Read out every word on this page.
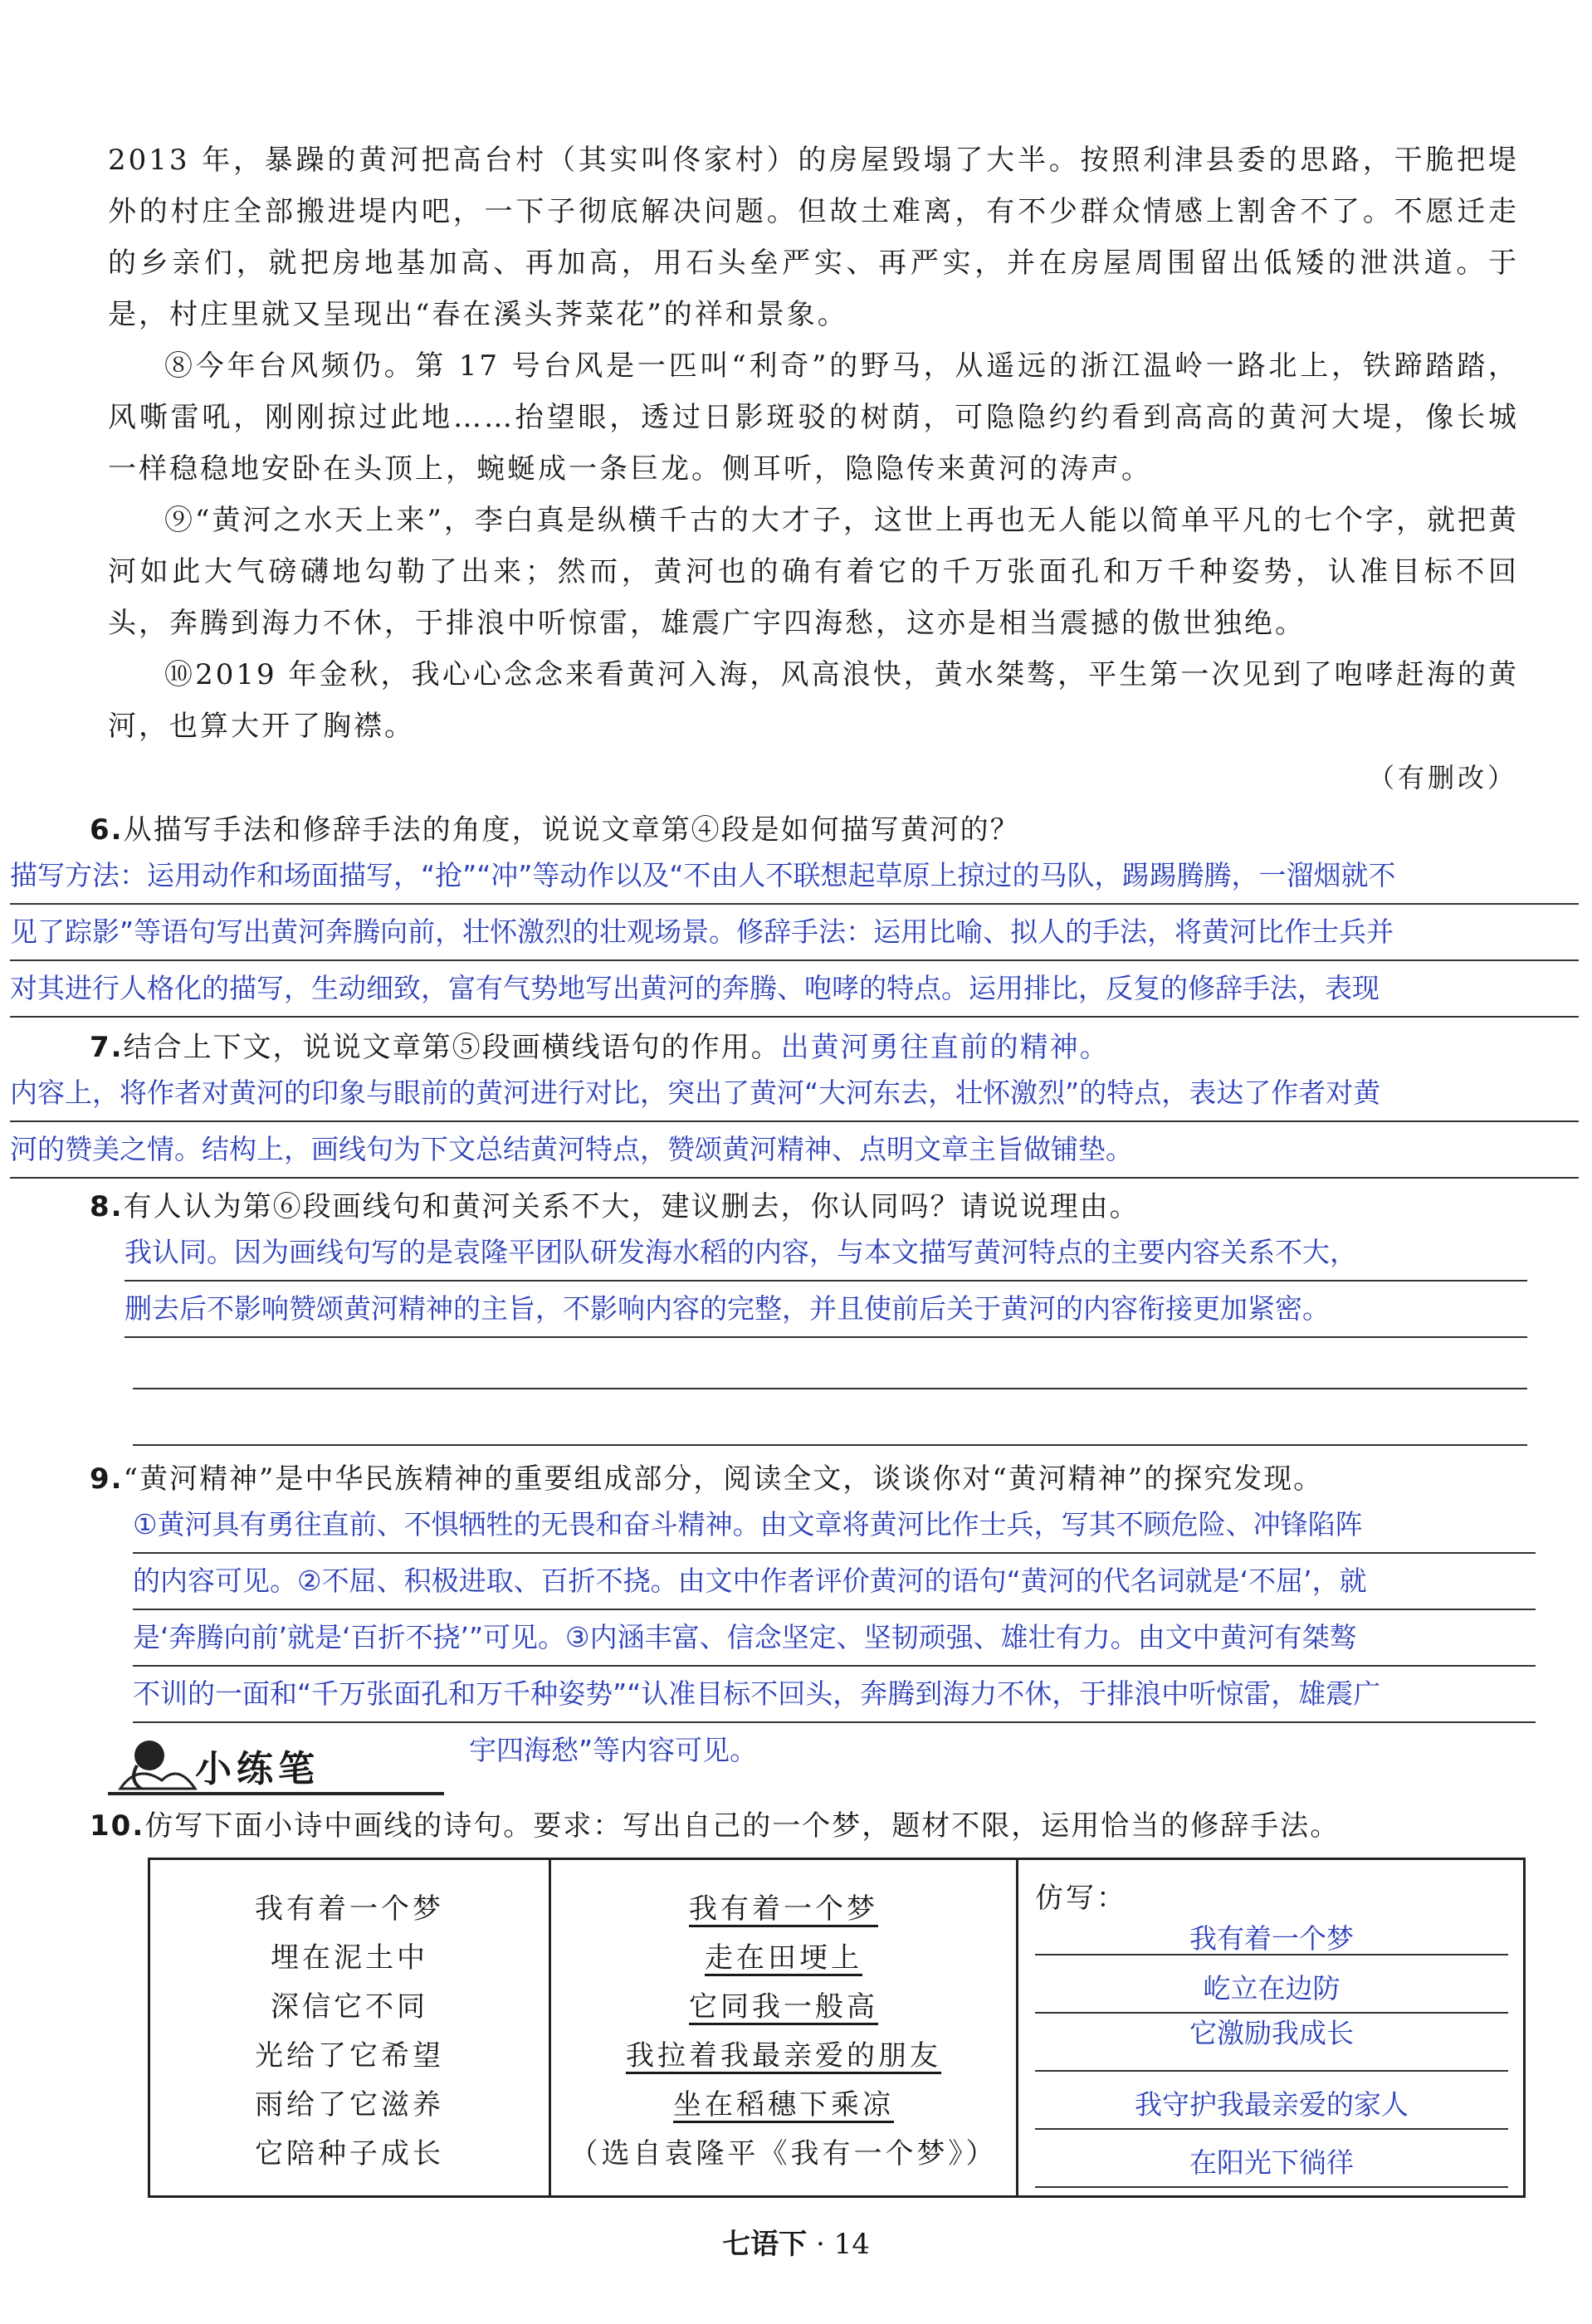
2013 年，暴躁的黄河把高台村（其实叫佟家村）的房屋毁塌了大半。按照利津县委的思路，干脆把堤外的村庄全部搬进堤内吧，一下子彻底解决问题。但故土难离，有不少群众情感上割舍不了。不愿迁走的乡亲们，就把房地基加高、再加高，用石头垒严实、再严实，并在房屋周围留出低矮的泄洪道。于是，村庄里就又呈现出“春在溪头荠菜花”的祥和景象。
⑧今年台风频仍。第 17 号台风是一匹叫“利奇”的野马，从遥远的浙江温岭一路北上，铁蹄踏踏，风嘶雷吼，刚刚掠过此地……抬望眼，透过日影斑驳的树荫，可隐隐约约看到高高的黄河大堤，像长城一样稳稳地安卧在头顶上，蜿蜒成一条巨龙。侧耳听，隐隐传来黄河的涛声。
⑨“黄河之水天上来”，李白真是纵横千古的大才子，这世上再也无人能以简单平凡的七个字，就把黄河如此大气磅礴地勾勒了出来；然而，黄河也的确有着它的千万张面孔和万千种姿势，认准目标不回头，奔腾到海力不休，于排浪中听惊雷，雄震广宇四海愁，这亦是相当震撼的傲世独绝。
⑩2019 年金秋，我心心念念来看黄河入海，风高浪快，黄水桀骜，平生第一次见到了咆哮赶海的黄河，也算大开了胸襟。
（有删改）
6.从描写手法和修辞手法的角度，说说文章第④段是如何描写黄河的？
描写方法：运用动作和场面描写，“抢”“冲”等动作以及“不由人不联想起草原上掠过的马队，踢踢腾腾，一溜烟就不
见了踪影”等语句写出黄河奔腾向前，壮怀激烈的壮观场景。修辞手法：运用比喻、拟人的手法，将黄河比作士兵并
对其进行人格化的描写，生动细致，富有气势地写出黄河的奔腾、咆哮的特点。运用排比，反复的修辞手法，表现
7.结合上下文，说说文章第⑤段画横线语句的作用。出黄河勇往直前的精神。
内容上，将作者对黄河的印象与眼前的黄河进行对比，突出了黄河“大河东去，壮怀激烈”的特点，表达了作者对黄
河的赞美之情。结构上，画线句为下文总结黄河特点，赞颂黄河精神、点明文章主旨做铺垫。
8.有人认为第⑥段画线句和黄河关系不大，建议删去，你认同吗？请说说理由。
我认同。因为画线句写的是袁隆平团队研发海水稻的内容，与本文描写黄河特点的主要内容关系不大，
删去后不影响赞颂黄河精神的主旨，不影响内容的完整，并且使前后关于黄河的内容衔接更加紧密。
9.“黄河精神”是中华民族精神的重要组成部分，阅读全文，谈谈你对“黄河精神”的探究发现。
①黄河具有勇往直前、不惧牺牲的无畏和奋斗精神。由文章将黄河比作士兵，写其不顾危险、冲锋陷阵
的内容可见。②不屈、积极进取、百折不挠。由文中作者评价黄河的语句“黄河的代名词就是‘不屈’，就
是‘奔腾向前’就是‘百折不挠’”可见。③内涵丰富、信念坚定、坚韧顽强、雄壮有力。由文中黄河有桀骜
不训的一面和“千万张面孔和万千种姿势”“认准目标不回头，奔腾到海力不休，于排浪中听惊雷，雄震广
宇四海愁”等内容可见。
小练笔
10.仿写下面小诗中画线的诗句。要求：写出自己的一个梦，题材不限，运用恰当的修辞手法。
我有着一个梦
埋在泥土中
深信它不同
光给了它希望
雨给了它滋养
它陪种子成长

我有着一个梦
走在田埂上
它同我一般高
我拉着我最亲爱的朋友
坐在稻穗下乘凉
（选自袁隆平《我有一个梦》）

仿写：
我有着一个梦
屹立在边防
它激励我成长
我守护我最亲爱的家人
在阳光下徜徉
七语下 · 14
